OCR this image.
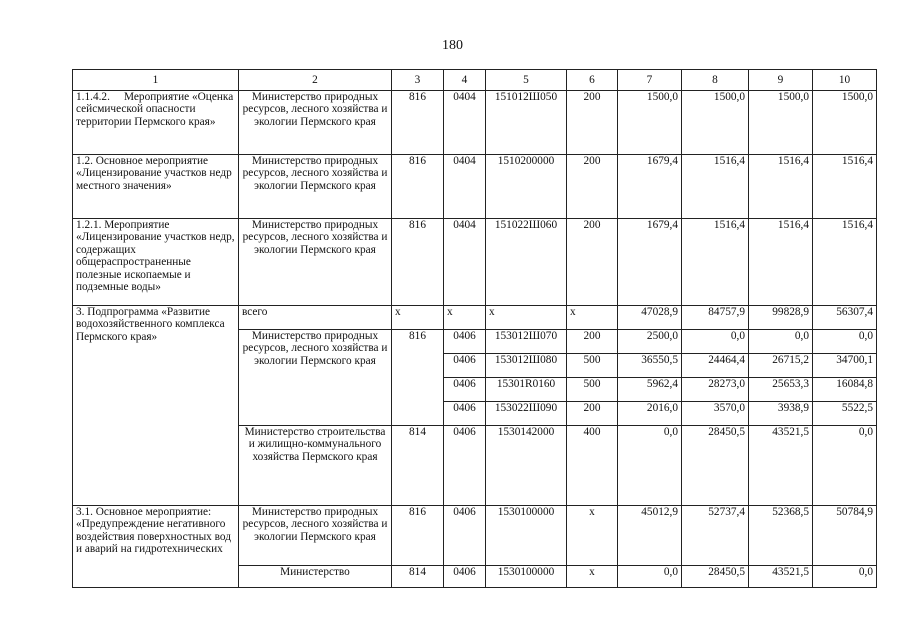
180
1	2	3	4	5	6	7	8	9	10
1.1.4.2.     Мероприятие «Оценка сейсмической опасности территории Пермского края»	Министерство природных ресурсов, лесного хозяйства и экологии Пермского края	816	0404	151012Ш050	200	1500,0	1500,0	1500,0	1500,0
1.2. Основное мероприятие «Лицензирование участков недр местного значения»	Министерство природных ресурсов, лесного хозяйства и экологии Пермского края	816	0404	1510200000	200	1679,4	1516,4	1516,4	1516,4
1.2.1. Мероприятие «Лицензирование участков недр, содержащих общераспространенные полезные ископаемые и подземные воды»	Министерство природных ресурсов, лесного хозяйства и экологии Пермского края	816	0404	151022Ш060	200	1679,4	1516,4	1516,4	1516,4
3. Подпрограмма «Развитие водохозяйственного комплекса Пермского края»	всего	x	x	x	x	47028,9	84757,9	99828,9	56307,4
	Министерство природных ресурсов, лесного хозяйства и экологии Пермского края	816	0406	153012Ш070	200	2500,0	0,0	0,0	0,0
			0406	153012Ш080	500	36550,5	24464,4	26715,2	34700,1
			0406	15301R0160	500	5962,4	28273,0	25653,3	16084,8
			0406	153022Ш090	200	2016,0	3570,0	3938,9	5522,5
	Министерство строительства и жилищно-коммунального хозяйства Пермского края	814	0406	1530142000	400	0,0	28450,5	43521,5	0,0
3.1. Основное мероприятие: «Предупреждение негативного воздействия поверхностных вод и аварий на гидротехнических	Министерство природных ресурсов, лесного хозяйства и экологии Пермского края	816	0406	1530100000	x	45012,9	52737,4	52368,5	50784,9
	Министерство	814	0406	1530100000	x	0,0	28450,5	43521,5	0,0
